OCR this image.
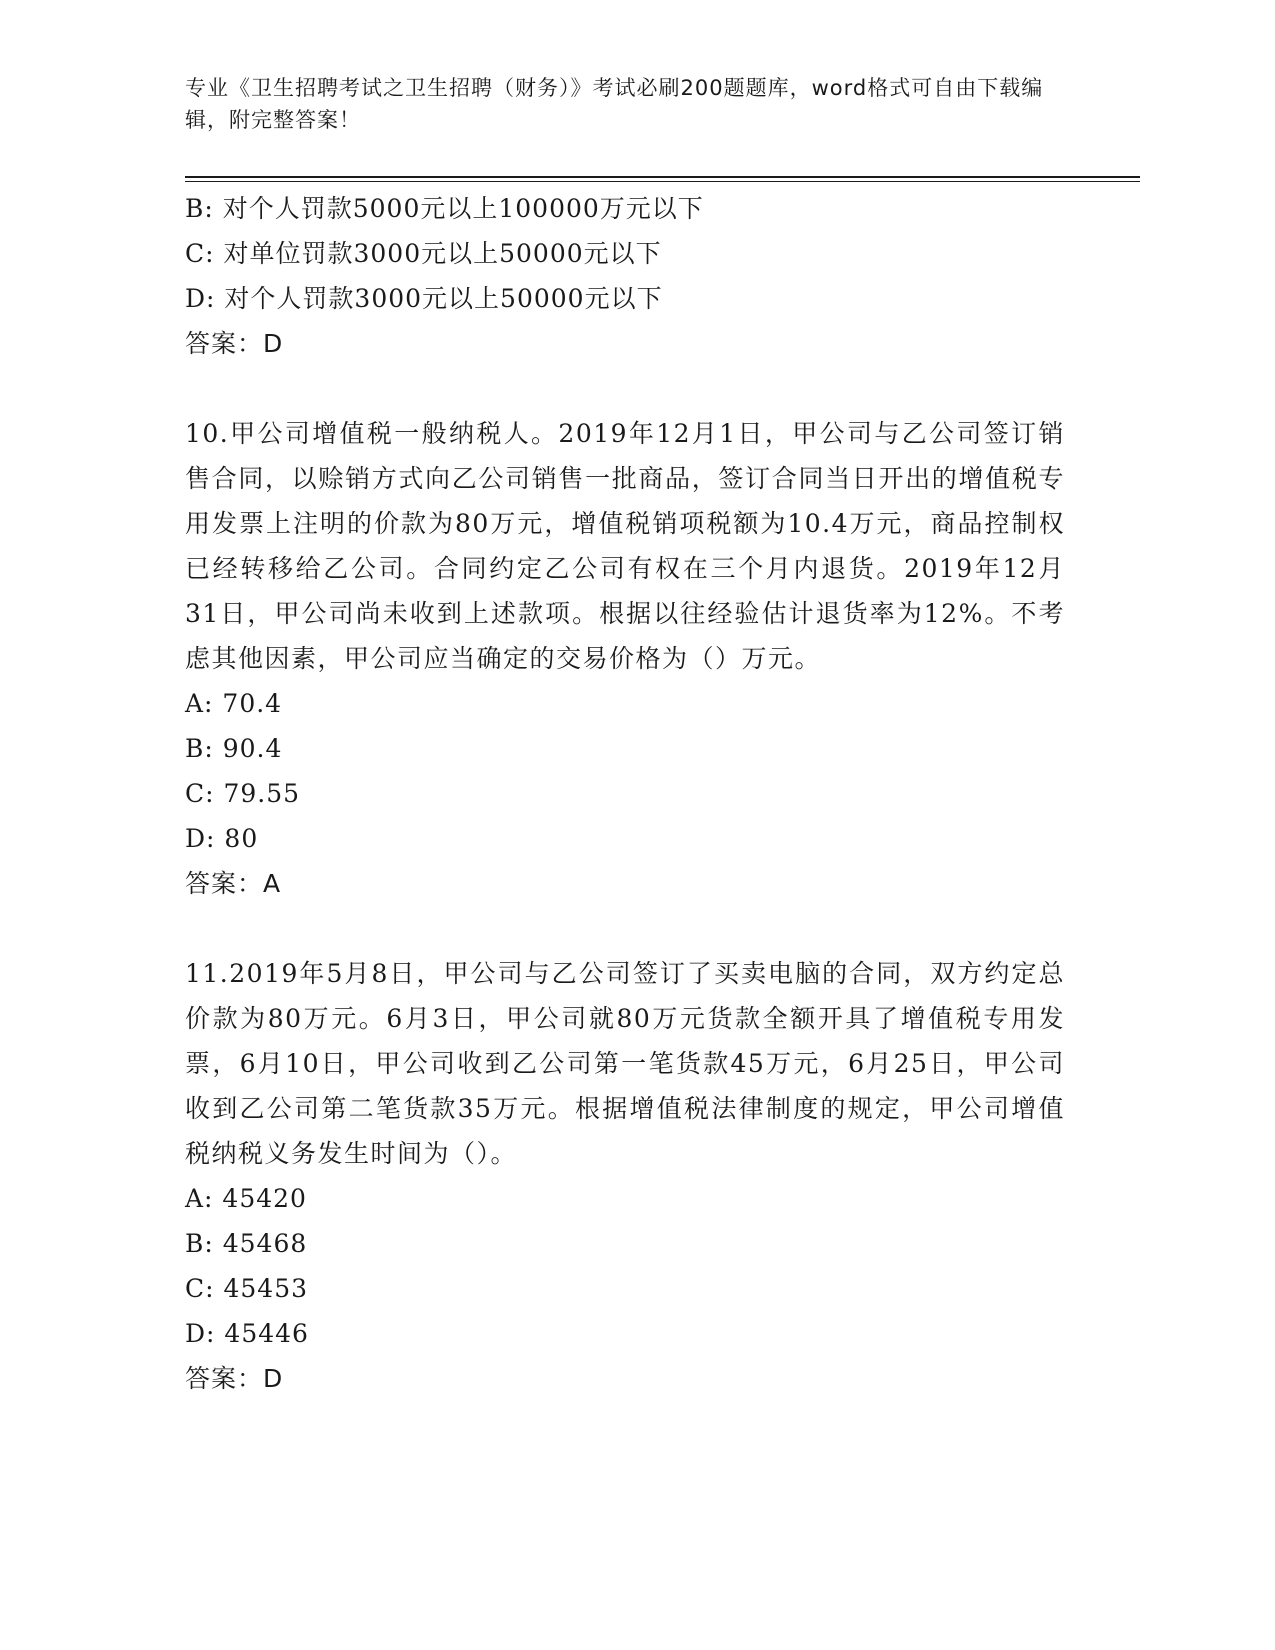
专业《卫生招聘考试之卫生招聘（财务）》考试必刷200题题库，word格式可自由下载编辑，附完整答案！
B: 对个人罚款5000元以上100000万元以下
C: 对单位罚款3000元以上50000元以下
D: 对个人罚款3000元以上50000元以下
答案：D
10.甲公司增值税一般纳税人。2019年12月1日，甲公司与乙公司签订销售合同，以赊销方式向乙公司销售一批商品，签订合同当日开出的增值税专用发票上注明的价款为80万元，增值税销项税额为10.4万元，商品控制权已经转移给乙公司。合同约定乙公司有权在三个月内退货。2019年12月31日，甲公司尚未收到上述款项。根据以往经验估计退货率为12%。不考虑其他因素，甲公司应当确定的交易价格为（）万元。
A: 70.4
B: 90.4
C: 79.55
D: 80
答案：A
11.2019年5月8日，甲公司与乙公司签订了买卖电脑的合同，双方约定总价款为80万元。6月3日，甲公司就80万元货款全额开具了增值税专用发票，6月10日，甲公司收到乙公司第一笔货款45万元，6月25日，甲公司收到乙公司第二笔货款35万元。根据增值税法律制度的规定，甲公司增值税纳税义务发生时间为（）。
A: 45420
B: 45468
C: 45453
D: 45446
答案：D
